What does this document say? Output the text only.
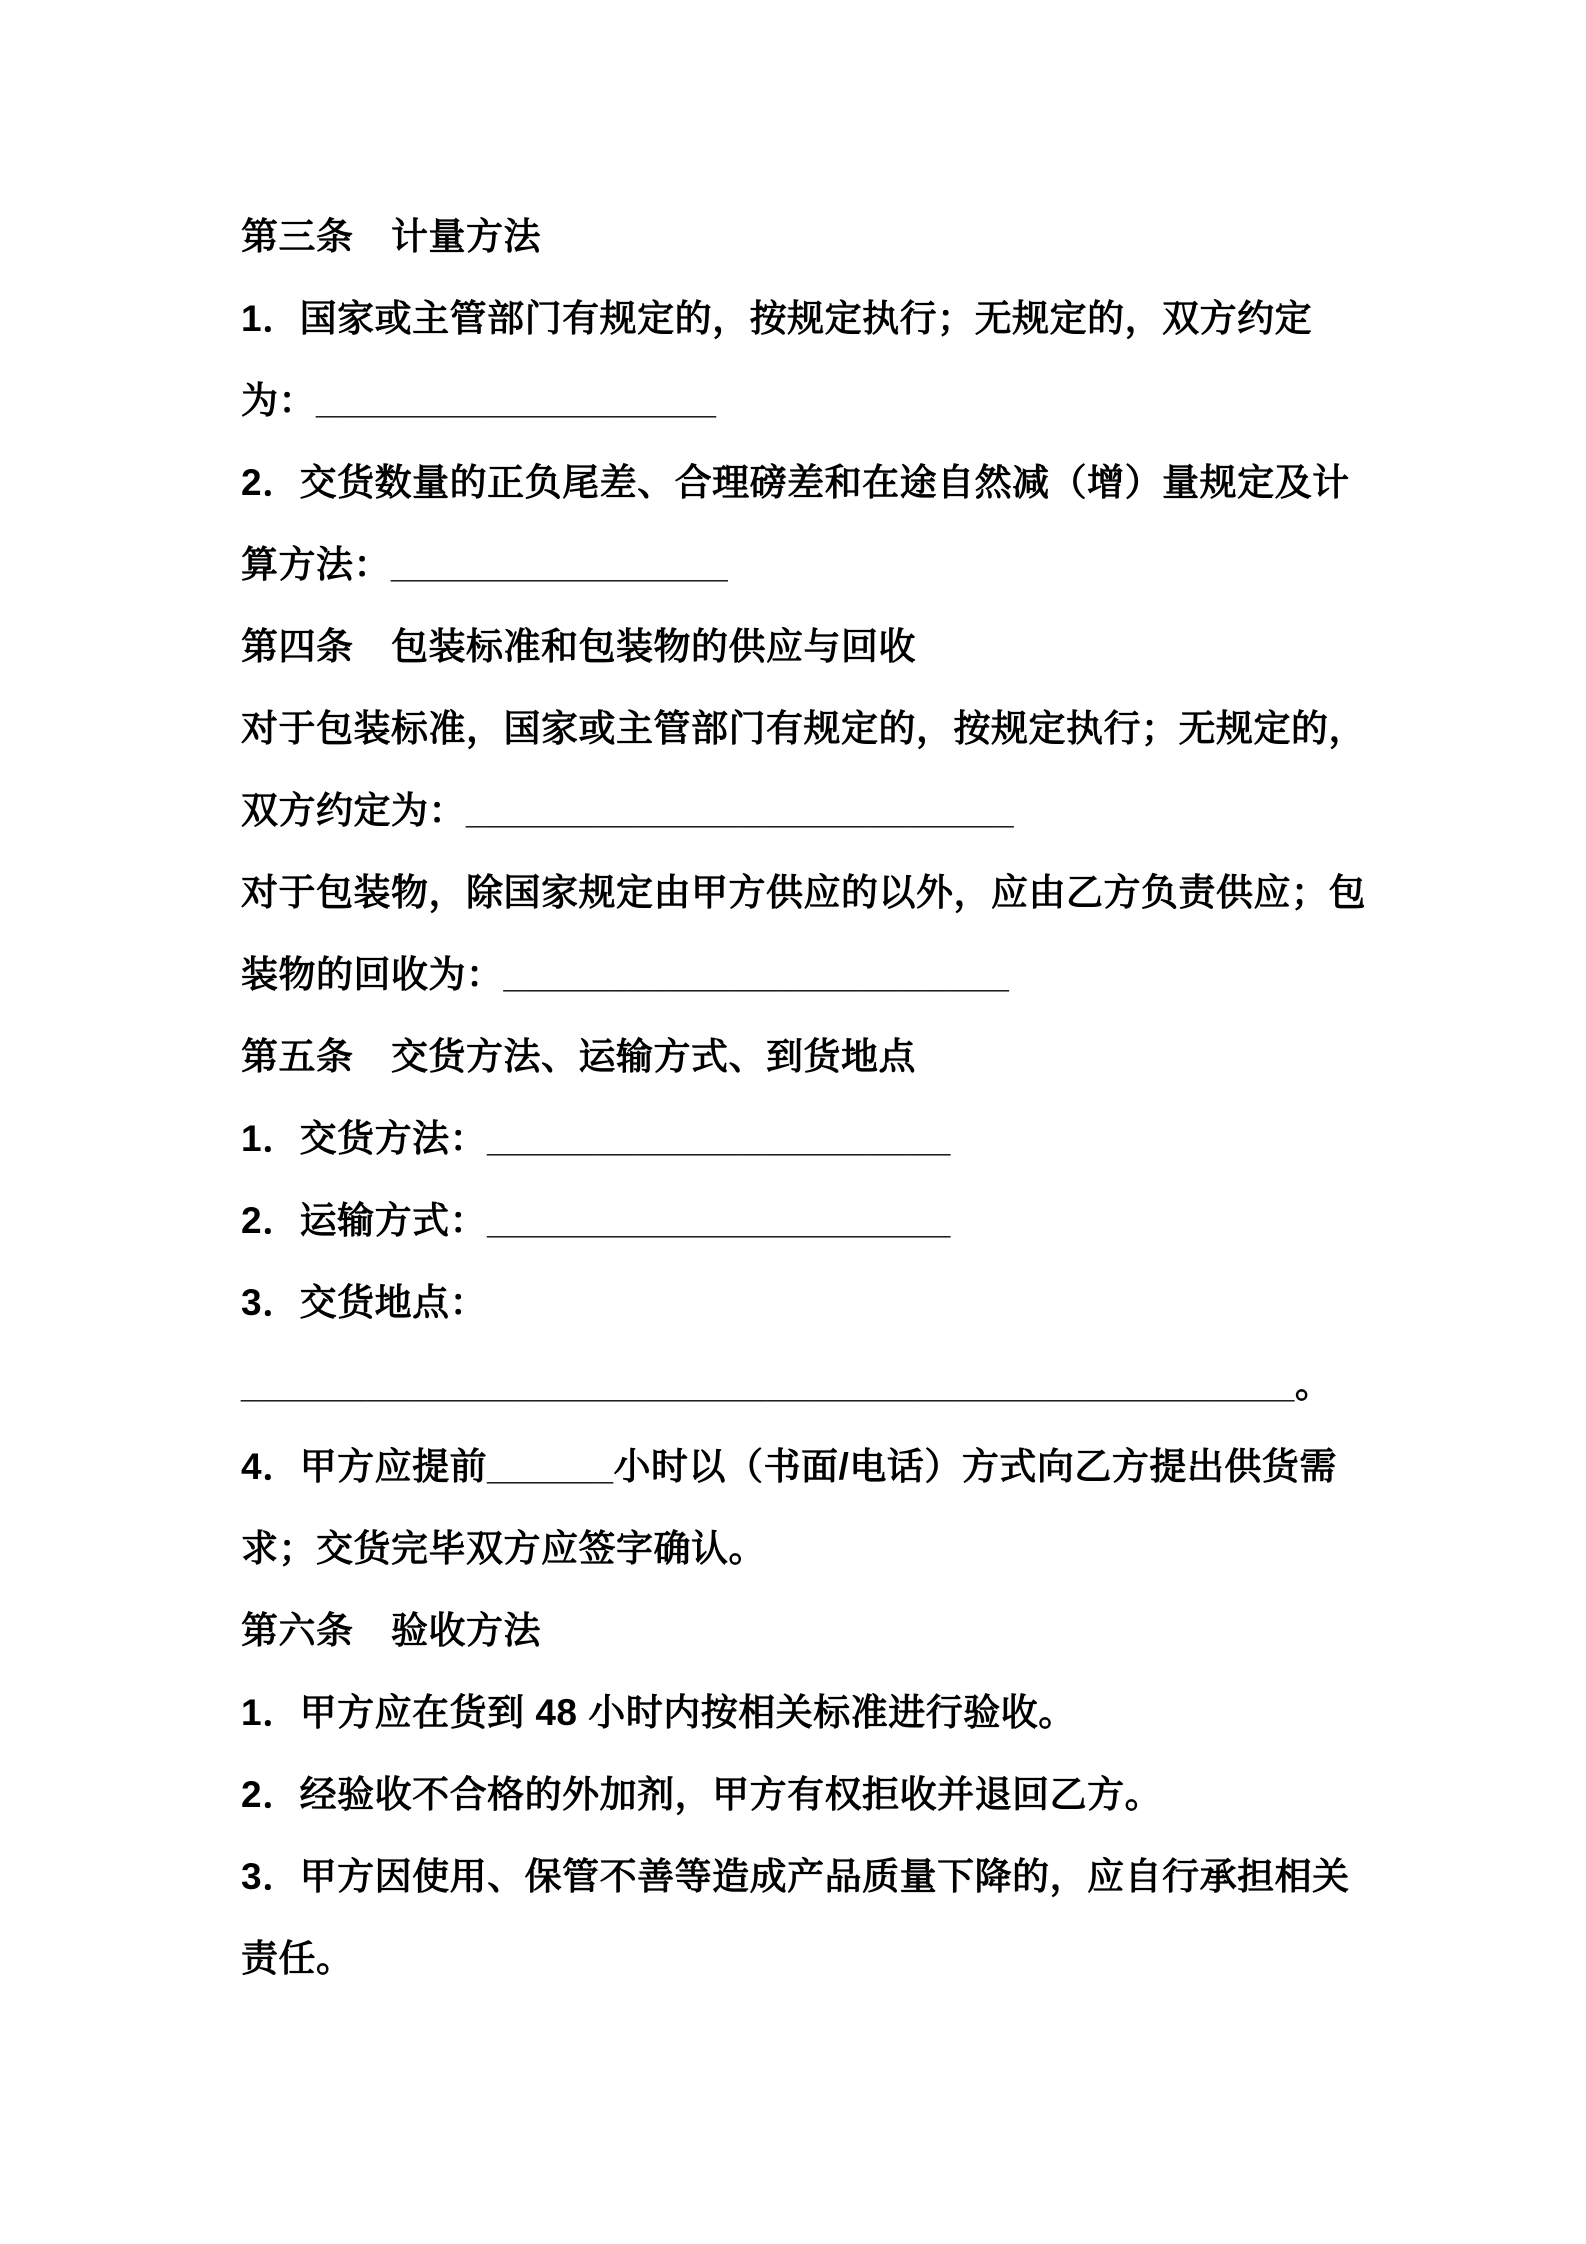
第三条　计量方法
1．国家或主管部门有规定的，按规定执行；无规定的，双方约定
为：___________________
2．交货数量的正负尾差、合理磅差和在途自然减（增）量规定及计
算方法：________________
第四条　包装标准和包装物的供应与回收
对于包装标准，国家或主管部门有规定的，按规定执行；无规定的，
双方约定为：__________________________
对于包装物，除国家规定由甲方供应的以外，应由乙方负责供应；包
装物的回收为：________________________
第五条　交货方法、运输方式、到货地点
1．交货方法：______________________
2．运输方式：______________________
3．交货地点：
__________________________________________________。
4．甲方应提前______小时以（书面/电话）方式向乙方提出供货需
求；交货完毕双方应签字确认。
第六条　验收方法
1．甲方应在货到 48 小时内按相关标准进行验收。
2．经验收不合格的外加剂，甲方有权拒收并退回乙方。
3．甲方因使用、保管不善等造成产品质量下降的，应自行承担相关
责任。
